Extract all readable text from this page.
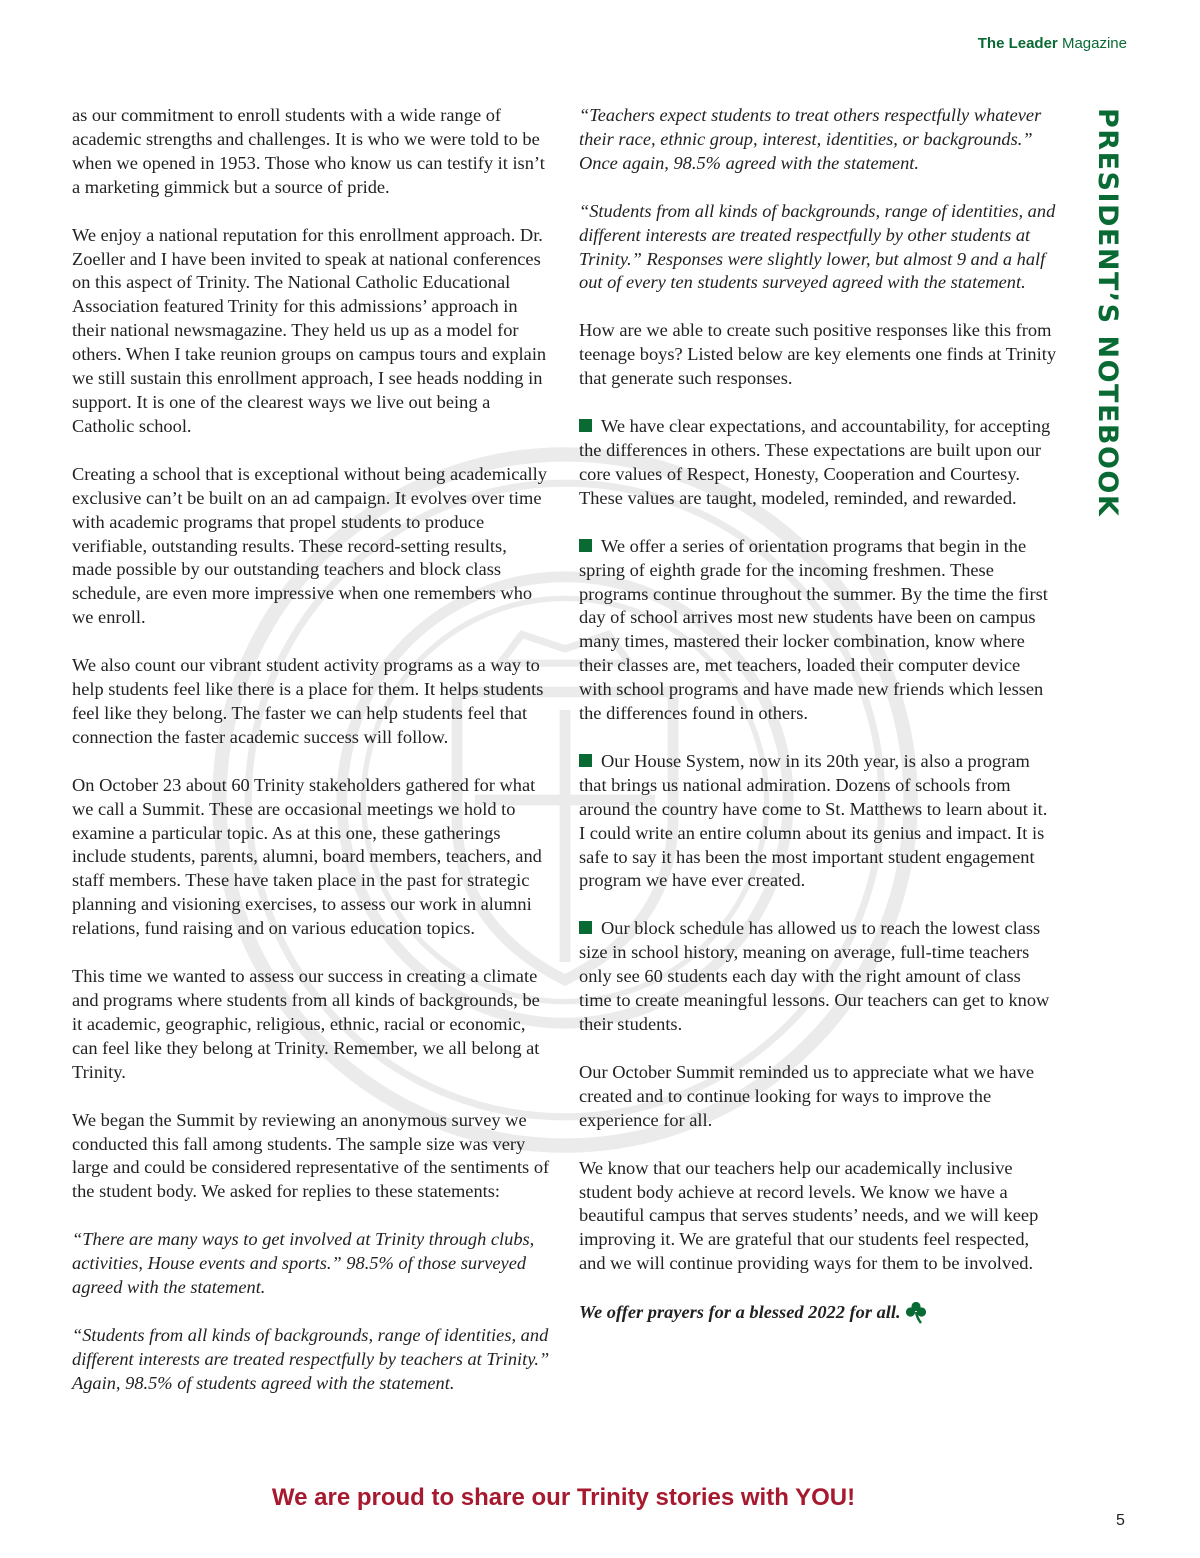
The Leader Magazine
PRESIDENT’S NOTEBOOK

as our commitment to enroll students with a wide range of academic strengths and challenges. It is who we were told to be when we opened in 1953. Those who know us can testify it isn’t a marketing gimmick but a source of pride.

We enjoy a national reputation for this enrollment approach. Dr. Zoeller and I have been invited to speak at national conferences on this aspect of Trinity. The National Catholic Educational Association featured Trinity for this admissions’ approach in their national newsmagazine. They held us up as a model for others. When I take reunion groups on campus tours and explain we still sustain this enrollment approach, I see heads nodding in support. It is one of the clearest ways we live out being a Catholic school.

Creating a school that is exceptional without being academically exclusive can’t be built on an ad campaign. It evolves over time with academic programs that propel students to produce verifiable, outstanding results. These record-setting results, made possible by our outstanding teachers and block class schedule, are even more impressive when one remembers who we enroll.

We also count our vibrant student activity programs as a way to help students feel like there is a place for them. It helps students feel like they belong. The faster we can help students feel that connection the faster academic success will follow.

On October 23 about 60 Trinity stakeholders gathered for what we call a Summit. These are occasional meetings we hold to examine a particular topic. As at this one, these gatherings include students, parents, alumni, board members, teachers, and staff members. These have taken place in the past for strategic planning and visioning exercises, to assess our work in alumni relations, fund raising and on various education topics.

This time we wanted to assess our success in creating a climate and programs where students from all kinds of backgrounds, be it academic, geographic, religious, ethnic, racial or economic, can feel like they belong at Trinity. Remember, we all belong at Trinity.

We began the Summit by reviewing an anonymous survey we conducted this fall among students. The sample size was very large and could be considered representative of the sentiments of the student body. We asked for replies to these statements:

“There are many ways to get involved at Trinity through clubs, activities, House events and sports.” 98.5% of those surveyed agreed with the statement.

“Students from all kinds of backgrounds, range of identities, and different interests are treated respectfully by teachers at Trinity.” Again, 98.5% of students agreed with the statement.

“Teachers expect students to treat others respectfully whatever their race, ethnic group, interest, identities, or backgrounds.” Once again, 98.5% agreed with the statement.

“Students from all kinds of backgrounds, range of identities, and different interests are treated respectfully by other students at Trinity.” Responses were slightly lower, but almost 9 and a half out of every ten students surveyed agreed with the statement.

How are we able to create such positive responses like this from teenage boys? Listed below are key elements one finds at Trinity that generate such responses.

We have clear expectations, and accountability, for accepting the differences in others. These expectations are built upon our core values of Respect, Honesty, Cooperation and Courtesy. These values are taught, modeled, reminded, and rewarded.

We offer a series of orientation programs that begin in the spring of eighth grade for the incoming freshmen. These programs continue throughout the summer. By the time the first day of school arrives most new students have been on campus many times, mastered their locker combination, know where their classes are, met teachers, loaded their computer device with school programs and have made new friends which lessen the differences found in others.

Our House System, now in its 20th year, is also a program that brings us national admiration. Dozens of schools from around the country have come to St. Matthews to learn about it. I could write an entire column about its genius and impact. It is safe to say it has been the most important student engagement program we have ever created.

Our block schedule has allowed us to reach the lowest class size in school history, meaning on average, full-time teachers only see 60 students each day with the right amount of class time to create meaningful lessons. Our teachers can get to know their students.

Our October Summit reminded us to appreciate what we have created and to continue looking for ways to improve the experience for all.

We know that our teachers help our academically inclusive student body achieve at record levels. We know we have a beautiful campus that serves students’ needs, and we will keep improving it. We are grateful that our students feel respected, and we will continue providing ways for them to be involved.

We offer prayers for a blessed 2022 for all.

We are proud to share our Trinity stories with YOU!
5
